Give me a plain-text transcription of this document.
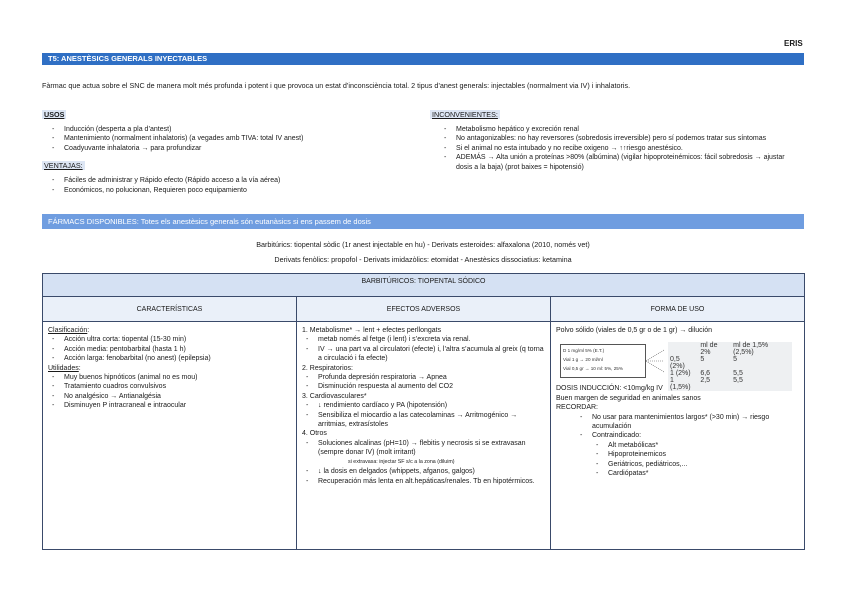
ERIS
T5: ANESTÈSICS GENERALS INYECTABLES
Fàrmac que actua sobre el SNC de manera molt més profunda i potent i que provoca un estat d’inconsciència total. 2 tipus d’anest generals: injectables (normalment via IV) i inhalatoris.
USOS
- Inducción (desperta a pla d’antest)
- Mantenimiento (normalment inhalatoris) (a vegades amb TIVA: total IV anest)
- Coadyuvante inhalatoria → para profundizar
VENTAJAS:
- Fáciles de administrar y Rápido efecto (Rápido acceso a la vía aérea)
- Económicos, no polucionan, Requieren poco equipamiento
INCONVENIENTES:
- Metabolismo hepático y excreción renal
- No antagonizables: no hay reversores (sobredosis irreversible) pero sí podemos tratar sus síntomas
- Si el animal no esta intubado y no recibe oxigeno → ↑↑riesgo anestésico.
- ADEMÁS → Alta unión a proteínas >80% (albúmina) (vigilar hipoproteinémicos: fácil sobredosis → ajustar dosis a la baja) (prot baixes = hipotensió)
FÁRMACS DISPONIBLES: Totes els anestèsics generals són eutanàsics si ens passem de dosis
Barbitúrics: tiopental sòdic (1r anest injectable en hu) - Derivats esteroides: alfaxalona (2010, només vet)
Derivats fenòlics: propofol - Derivats imidazòlics: etomidat - Anestèsics dissociatius: ketamina
BARBITÚRICOS: TIOPENTAL SÓDICO
CARACTERÍSTICAS	EFECTOS ADVERSOS	FORMA DE USO

Clasificación:

- Acción ultra corta: tiopental (15-30 min)

- Acción media: pentobarbital (hasta 1 h)

- Acción larga: fenobarbital (no anest) (epilepsia)

Utilidades:

- Muy buenos hipnóticos (animal no es mou)

- Tratamiento cuadros convulsivos

- No analgésico → Antianalgésia

- Disminuyen P intracraneal e intraocular

1. Metabolisme* → lent + efectes perllongats

- metab només al fetge (i lent) i s’excreta via renal.

- IV → una part va al circulatori (efecte) i, l’altra s’acumula al greix (q torna a circulació i fa efecte)

2. Respiratorios:

- Profunda depresión respiratoria → Apnea

- Disminución respuesta al aumento del CO2

3. Cardiovasculares*

- ↓ rendimiento cardíaco y PA (hipotensión)

- Sensibiliza el miocardio a las catecolaminas → Arritmogénico → arritmias, extrasístoles

4. Otros

- Soluciones alcalinas (pH=10) → flebitis y necrosis si se extravasan (sempre donar IV) (molt irritant)

si extravasa: injectar SF s/c a la zona (diluim)

- ↓ la dosis en delgados (whippets, afganos, galgos)

- Recuperación más lenta en alt.hepáticas/renales. Tb en hipotérmicos.

Polvo sólido (viales de 0,5 gr o de 1 gr) → dilución

D 1 mg/ml 5% (E.T.)
Vial 1 g → 20 ml/ml
Vial 0,5 gr → 10 ml: 5%, 25%
	ml de 2%	ml de 1,5% (2,5%)
0,5 (2%)	5	5
1 (2%)	6,6	5,5
1 (1,5%)	2,5	5,5

DOSIS INDUCCIÓN: <10mg/kg IV

Buen margen de seguridad en animales sanos

RECORDAR:

- No usar para mantenimientos largos* (>30 min) → riesgo acumulación

- Contraindicado:

- Alt metabólicas*

- Hipoproteinemicos

- Geriátricos, pediátricos,...

- Cardiópatas*
